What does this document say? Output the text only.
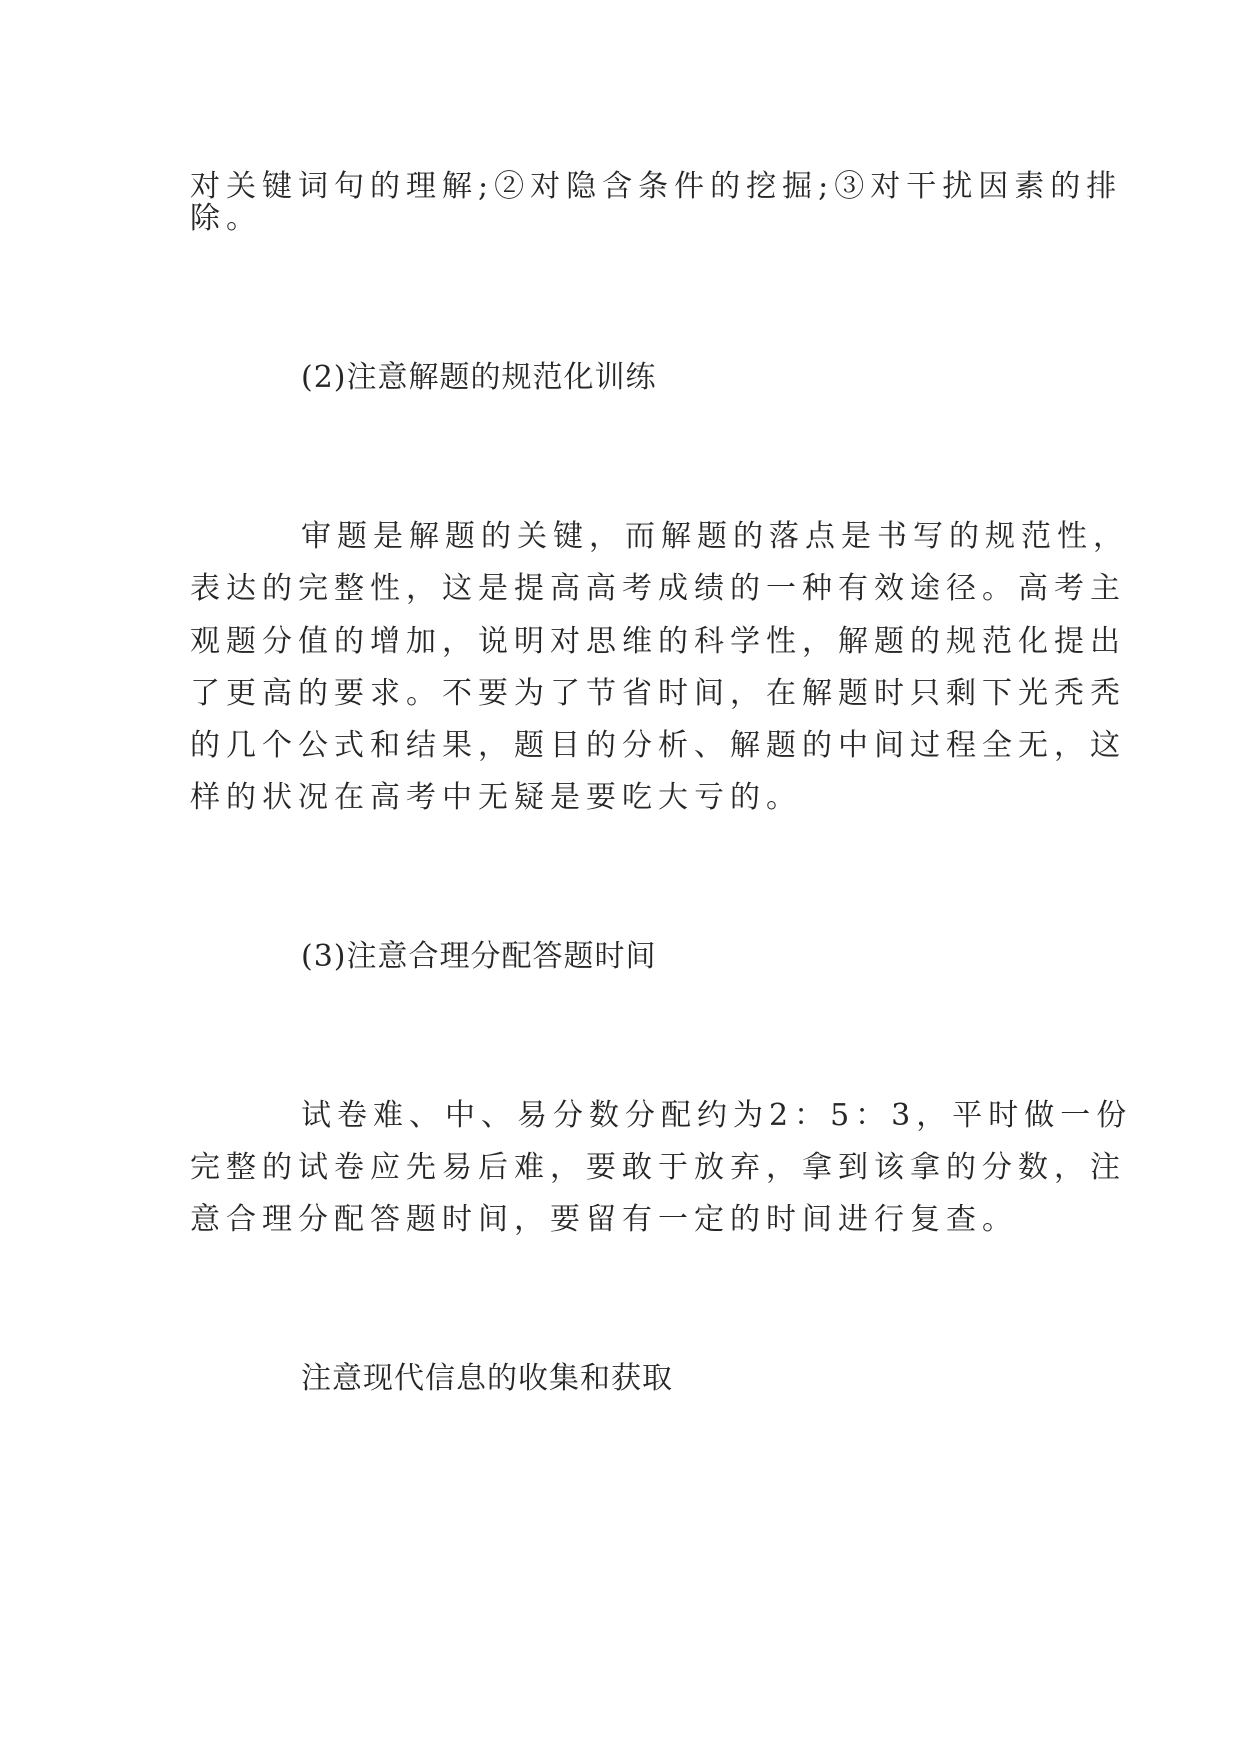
对关键词句的理解;②对隐含条件的挖掘;③对干扰因素的排
除。
(2)注意解题的规范化训练
审题是解题的关键，而解题的落点是书写的规范性，
表达的完整性，这是提高高考成绩的一种有效途径。高考主
观题分值的增加，说明对思维的科学性，解题的规范化提出
了更高的要求。不要为了节省时间，在解题时只剩下光秃秃
的几个公式和结果，题目的分析、解题的中间过程全无，这
样的状况在高考中无疑是要吃大亏的。
(3)注意合理分配答题时间
试卷难、中、易分数分配约为2：5：3，平时做一份
完整的试卷应先易后难，要敢于放弃，拿到该拿的分数，注
意合理分配答题时间，要留有一定的时间进行复查。
注意现代信息的收集和获取
